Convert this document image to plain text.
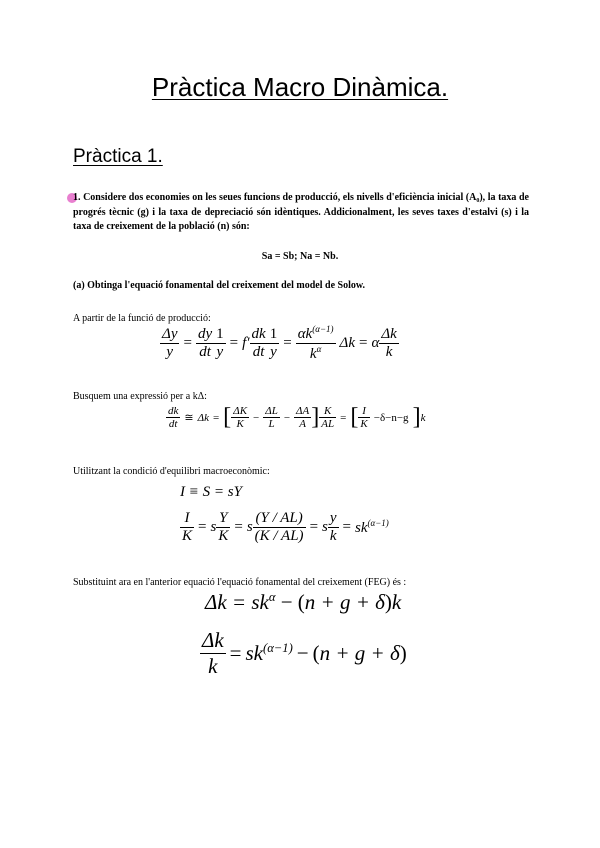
Pràctica Macro Dinàmica.
Pràctica 1.
1. Considere dos economies on les seues funcions de producció, els nivells d'eficiència inicial (A₀), la taxa de progrés tècnic (g) i la taxa de depreciació són idèntiques. Addicionalment, les seves taxes d'estalvi (s) i la taxa de creixement de la població (n) són:
Sa = Sb; Na = Nb.
(a) Obtinga l'equació fonamental del creixement del model de Solow.
A partir de la funció de producció:
$\frac{\Delta y}{y} = \frac{dy}{dt} \frac{1}{y} = f' \frac{dk}{dt} \frac{1}{y} = \frac{\alpha k^{(\alpha-1)}}{k^\alpha}$ Δk = α $\frac{\Delta k}{k}$
Busquem una expressió per a kΔ:
$\frac{dk}{dt}$ ≅ Δk = [ $\frac{\Delta K}{K} - \frac{\Delta L}{L} - \frac{\Delta A}{A}$ ] $\frac{K}{AL}$ = [ $\frac{I}{K} -\delta-n-g$ ] k
Utilitzant la condició d'equilibri macroeconòmic:
I ≡ S = sY
$\frac{I}{K} = s \frac{Y}{K} = s \frac{(Y / AL)}{(K / AL)} = s \frac{y}{k} = sk^{(\alpha-1)}$
Substituint ara en l'anterior equació l'equació fonamental del creixement (FEG) és :
$\Delta k = sk^\alpha - (n + g + \delta)k$
$\frac{\Delta k}{k} = sk^{(\alpha-1)} - (n + g + \delta)$
